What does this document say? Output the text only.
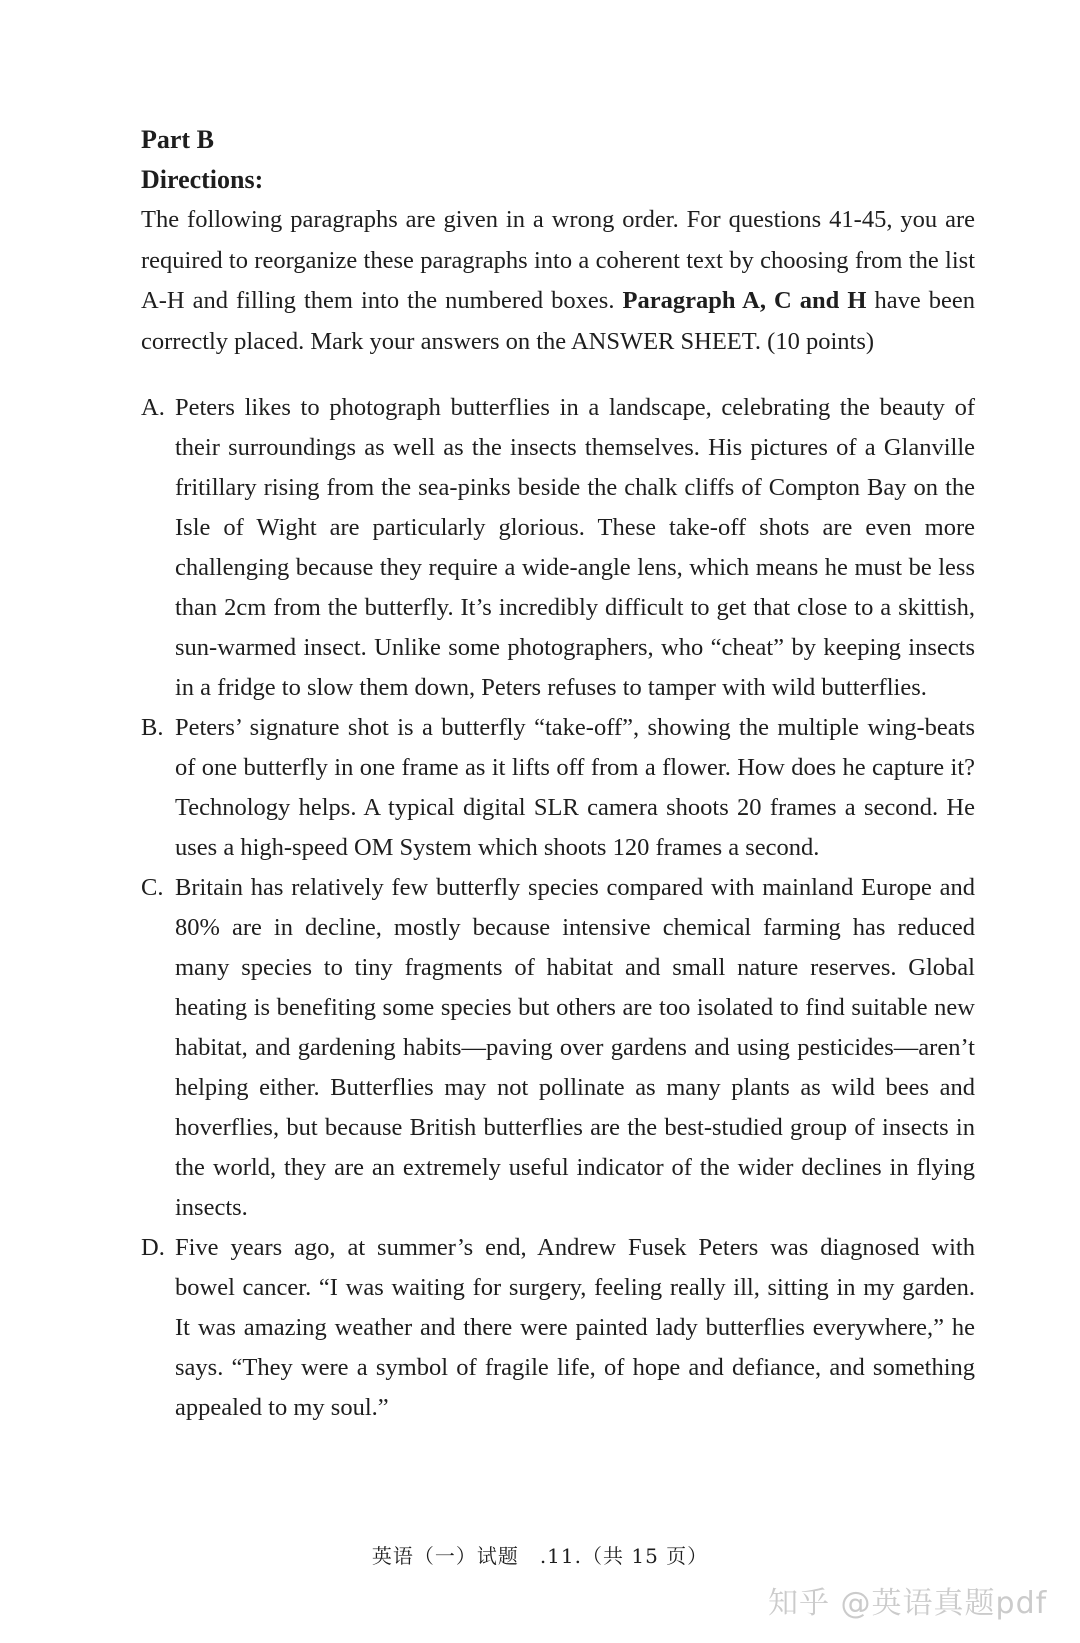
Part B
Directions:

The following paragraphs are given in a wrong order. For questions 41-45, you are required to reorganize these paragraphs into a coherent text by choosing from the list A-H and filling them into the numbered boxes. Paragraph A, C and H have been correctly placed. Mark your answers on the ANSWER SHEET. (10 points)

A. Peters likes to photograph butterflies in a landscape, celebrating the beauty of their surroundings as well as the insects themselves. His pictures of a Glanville fritillary rising from the sea-pinks beside the chalk cliffs of Compton Bay on the Isle of Wight are particularly glorious. These take-off shots are even more challenging because they require a wide-angle lens, which means he must be less than 2cm from the butterfly. It’s incredibly difficult to get that close to a skittish, sun-warmed insect. Unlike some photographers, who “cheat” by keeping insects in a fridge to slow them down, Peters refuses to tamper with wild butterflies.

B. Peters’ signature shot is a butterfly “take-off”, showing the multiple wing-beats of one butterfly in one frame as it lifts off from a flower. How does he capture it? Technology helps. A typical digital SLR camera shoots 20 frames a second. He uses a high-speed OM System which shoots 120 frames a second.

C. Britain has relatively few butterfly species compared with mainland Europe and 80% are in decline, mostly because intensive chemical farming has reduced many species to tiny fragments of habitat and small nature reserves. Global heating is benefiting some species but others are too isolated to find suitable new habitat, and gardening habits—paving over gardens and using pesticides—aren’t helping either. Butterflies may not pollinate as many plants as wild bees and hoverflies, but because British butterflies are the best-studied group of insects in the world, they are an extremely useful indicator of the wider declines in flying insects.

D. Five years ago, at summer’s end, Andrew Fusek Peters was diagnosed with bowel cancer. “I was waiting for surgery, feeling really ill, sitting in my garden. It was amazing weather and there were painted lady butterflies everywhere,” he says. “They were a symbol of fragile life, of hope and defiance, and something appealed to my soul.”

英语（一）试题　.11.（共 15 页）
知乎 @英语真题pdf
